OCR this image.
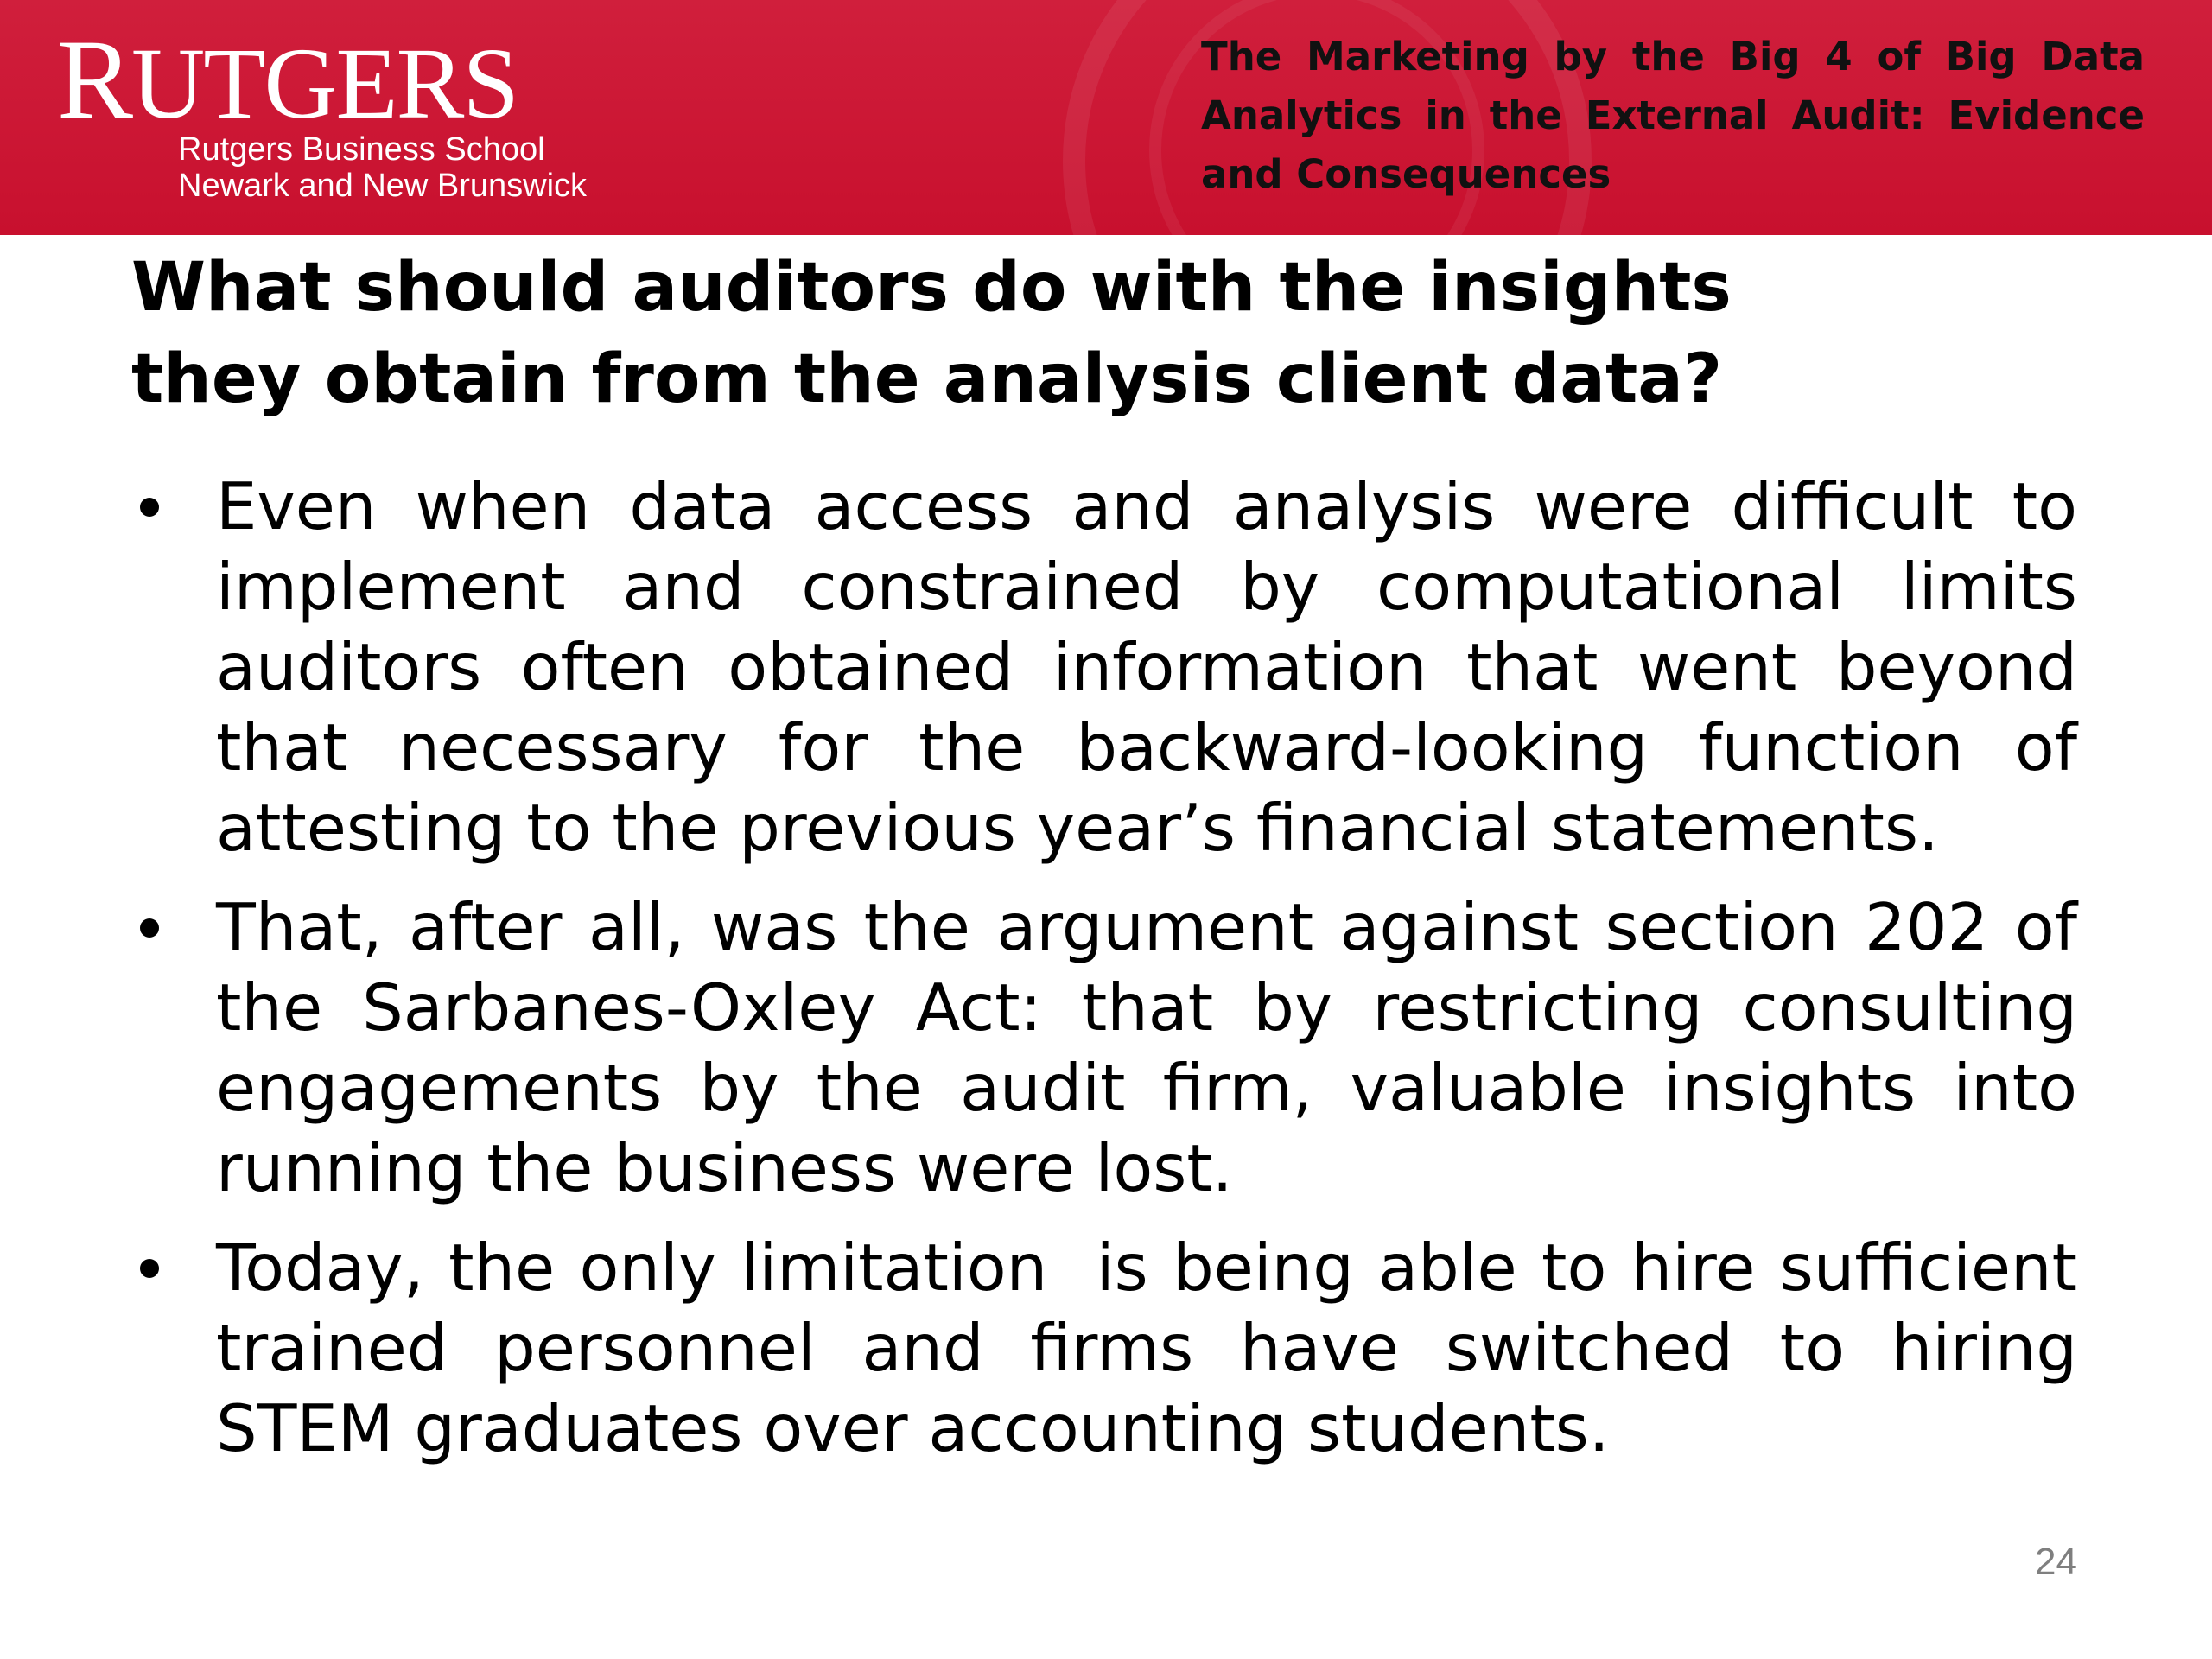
RUTGERS
Rutgers Business School
Newark and New Brunswick
The Marketing by the Big 4 of Big Data Analytics in the External Audit: Evidence and Consequences
What should auditors do with the insights
they obtain from the analysis client data?
Even when data access and analysis were difficult to implement and constrained by computational limits auditors often obtained information that went beyond that necessary for the backward-looking function of attesting to the previous year’s financial statements.
That, after all, was the argument against section 202 of the Sarbanes-Oxley Act: that by restricting consulting engagements by the audit firm, valuable insights into running the business were lost.
Today, the only limitation  is being able to hire sufficient trained personnel and firms have switched to hiring STEM graduates over accounting students.
24
